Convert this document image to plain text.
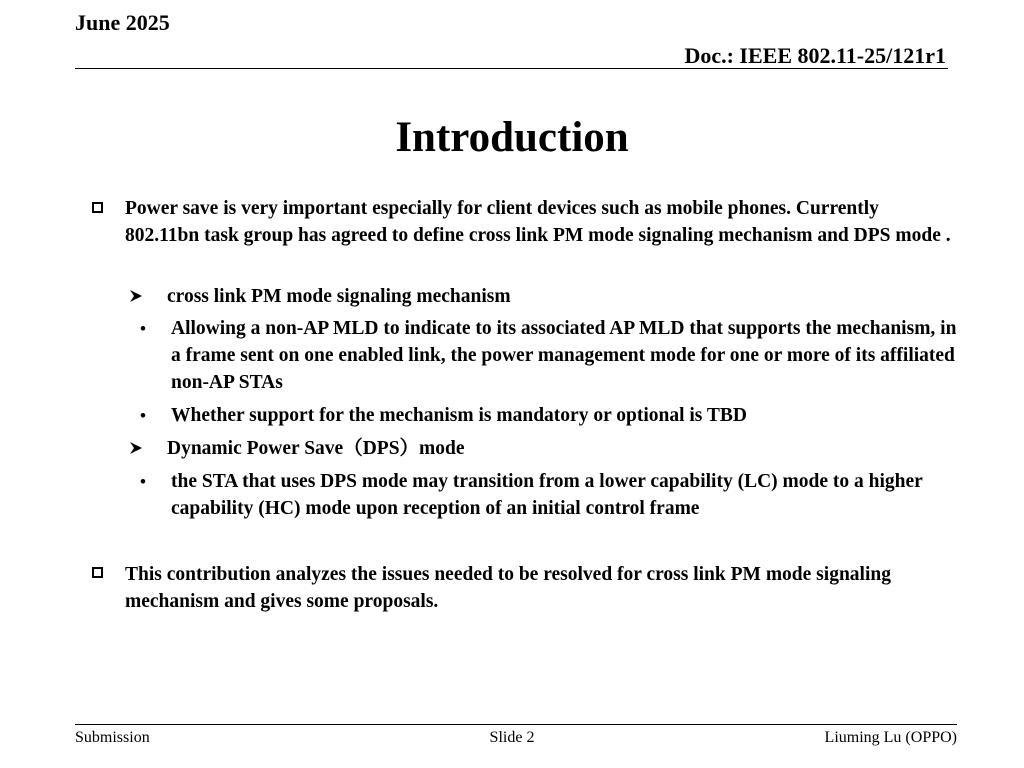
June 2025
Doc.: IEEE 802.11-25/121r1
Introduction
Power save is very important especially for client devices such as mobile phones. Currently 802.11bn task group has agreed to define cross link PM mode signaling mechanism and DPS mode .
cross link PM mode signaling mechanism
• Allowing a non-AP MLD to indicate to its associated AP MLD that supports the mechanism, in a frame sent on one enabled link, the power management mode for one or more of its affiliated non-AP STAs
• Whether support for the mechanism is mandatory or optional is TBD
Dynamic Power Save（DPS）mode
• the STA that uses DPS mode may transition from a lower capability (LC) mode to a higher capability (HC) mode upon reception of an initial control frame
This contribution analyzes the issues needed to be resolved for cross link PM mode signaling mechanism and gives some proposals.
Submission	Slide 2	Liuming Lu (OPPO)
